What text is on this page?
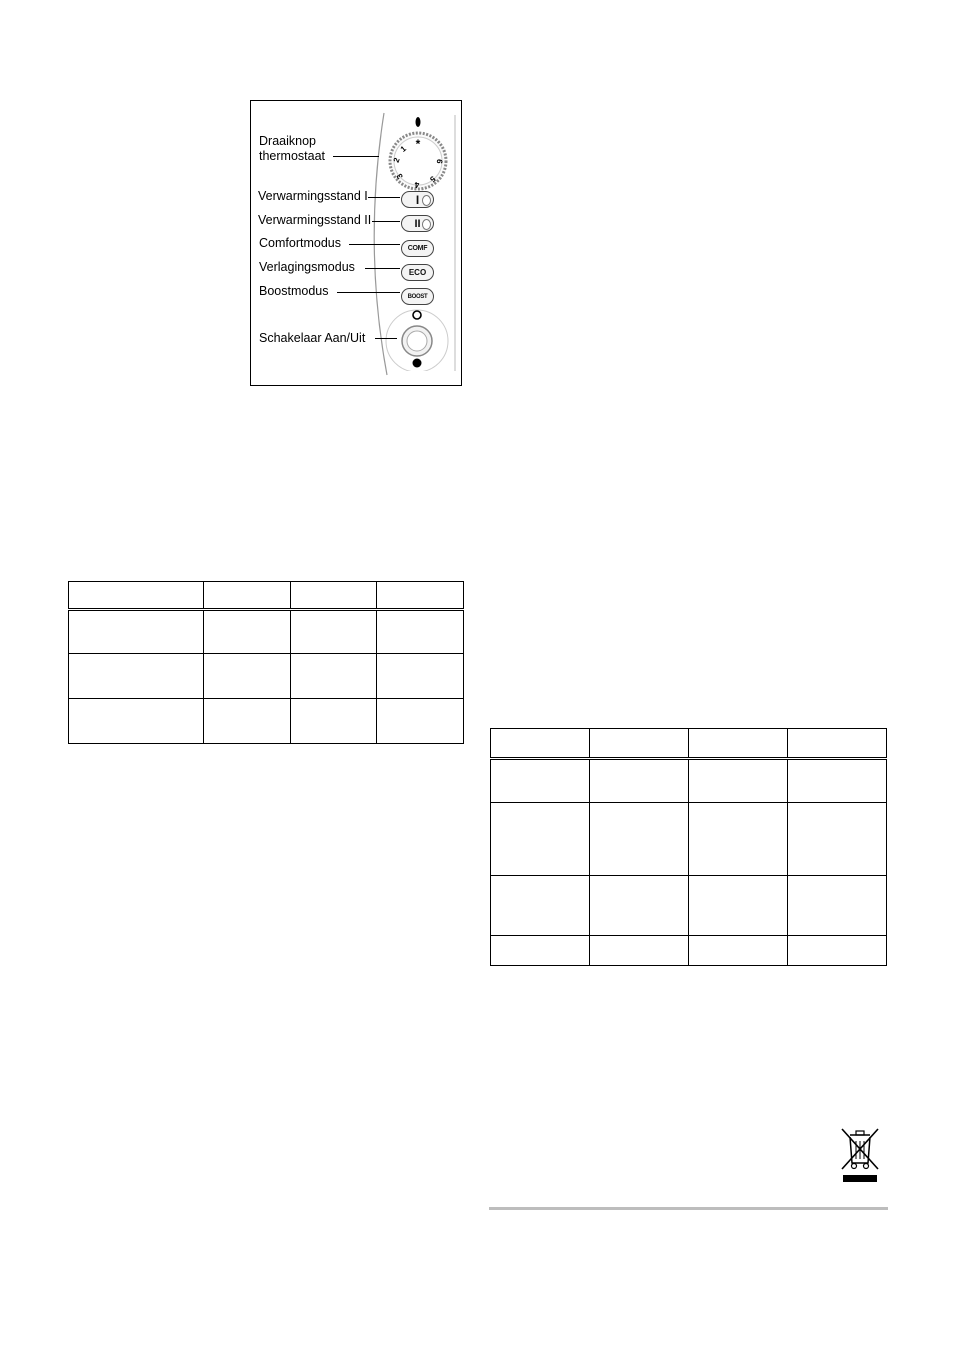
*
1
2
3
4
5
6
Draaiknop
thermostaat
Verwarmingsstand I	I
Verwarmingsstand II	II
Comfortmodus	COMF
Verlagingsmodus	ECO
Boostmodus	BOOST
Schakelaar Aan/Uit
